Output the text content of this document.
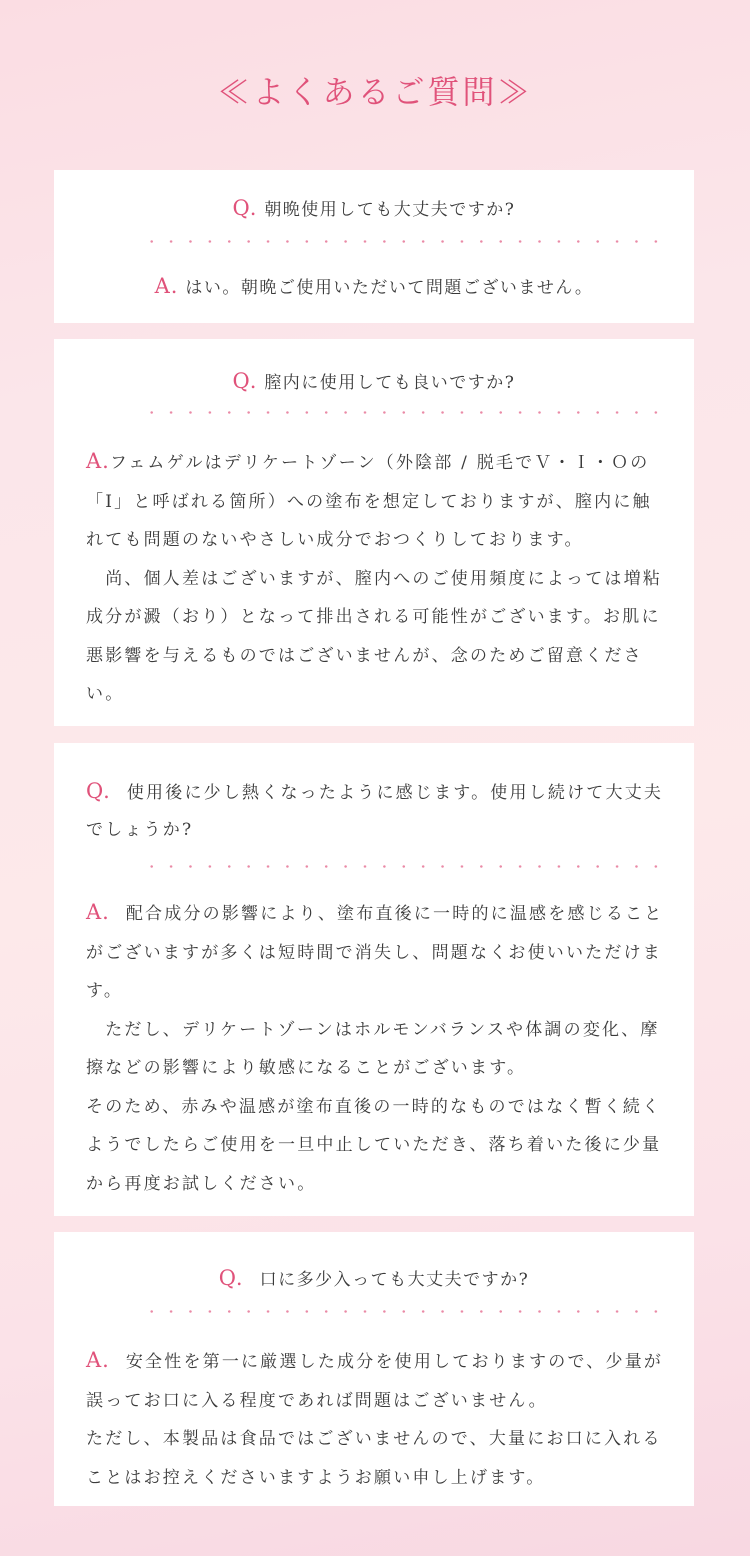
≪よくあるご質問≫
Q. 朝晩使用しても大丈夫ですか?
A. はい。朝晩ご使用いただいて問題ございません。
Q. 膣内に使用しても良いですか?
A.フェムゲルはデリケートゾーン（外陰部 / 脱毛でＶ・Ｉ・Ｏの「I」と呼ばれる箇所）への塗布を想定しておりますが、膣内に触れても問題のないやさしい成分でおつくりしております。
　尚、個人差はございますが、膣内へのご使用頻度によっては増粘成分が澱（おり）となって排出される可能性がございます。お肌に悪影響を与えるものではございませんが、念のためご留意ください。
Q. 使用後に少し熱くなったように感じます。使用し続けて大丈夫でしょうか?
A. 配合成分の影響により、塗布直後に一時的に温感を感じることがございますが多くは短時間で消失し、問題なくお使いいただけます。
　ただし、デリケートゾーンはホルモンバランスや体調の変化、摩擦などの影響により敏感になることがございます。
そのため、赤みや温感が塗布直後の一時的なものではなく暫く続くようでしたらご使用を一旦中止していただき、落ち着いた後に少量から再度お試しください。
Q. 口に多少入っても大丈夫ですか?
A. 安全性を第一に厳選した成分を使用しておりますので、少量が誤ってお口に入る程度であれば問題はございません。
ただし、本製品は食品ではございませんので、大量にお口に入れることはお控えくださいますようお願い申し上げます。
